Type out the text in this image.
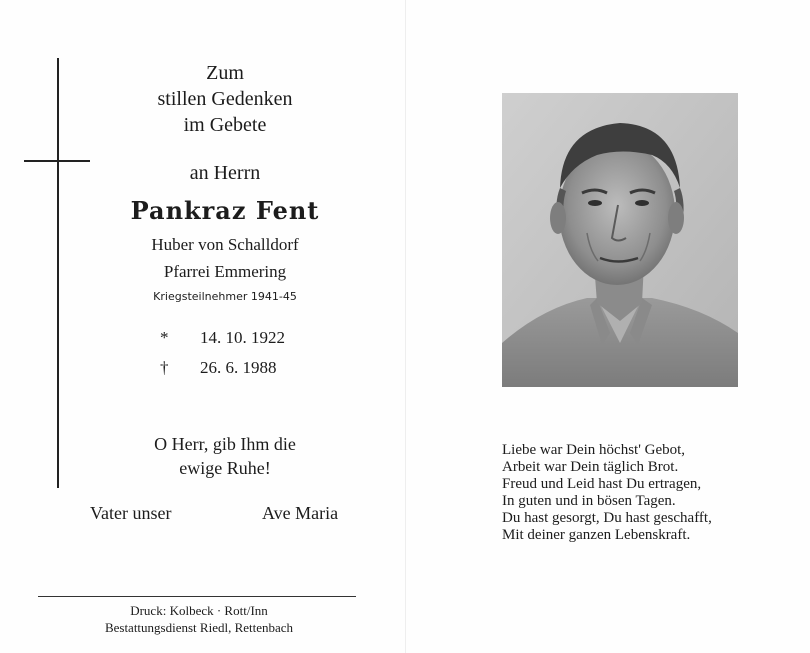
Zum
stillen Gedenken
im Gebete
an Herrn
Pankraz Fent
Huber von Schalldorf
Pfarrei Emmering
Kriegsteilnehmer 1941-45
* 14. 10. 1922
† 26. 6. 1988
O Herr, gib Ihm die
ewige Ruhe!
Vater unser	Ave Maria
Druck: Kolbeck · Rott/Inn
Bestattungsdienst Riedl, Rettenbach
Liebe war Dein höchst' Gebot,
Arbeit war Dein täglich Brot.
Freud und Leid hast Du ertragen,
In guten und in bösen Tagen.
Du hast gesorgt, Du hast geschafft,
Mit deiner ganzen Lebenskraft.
